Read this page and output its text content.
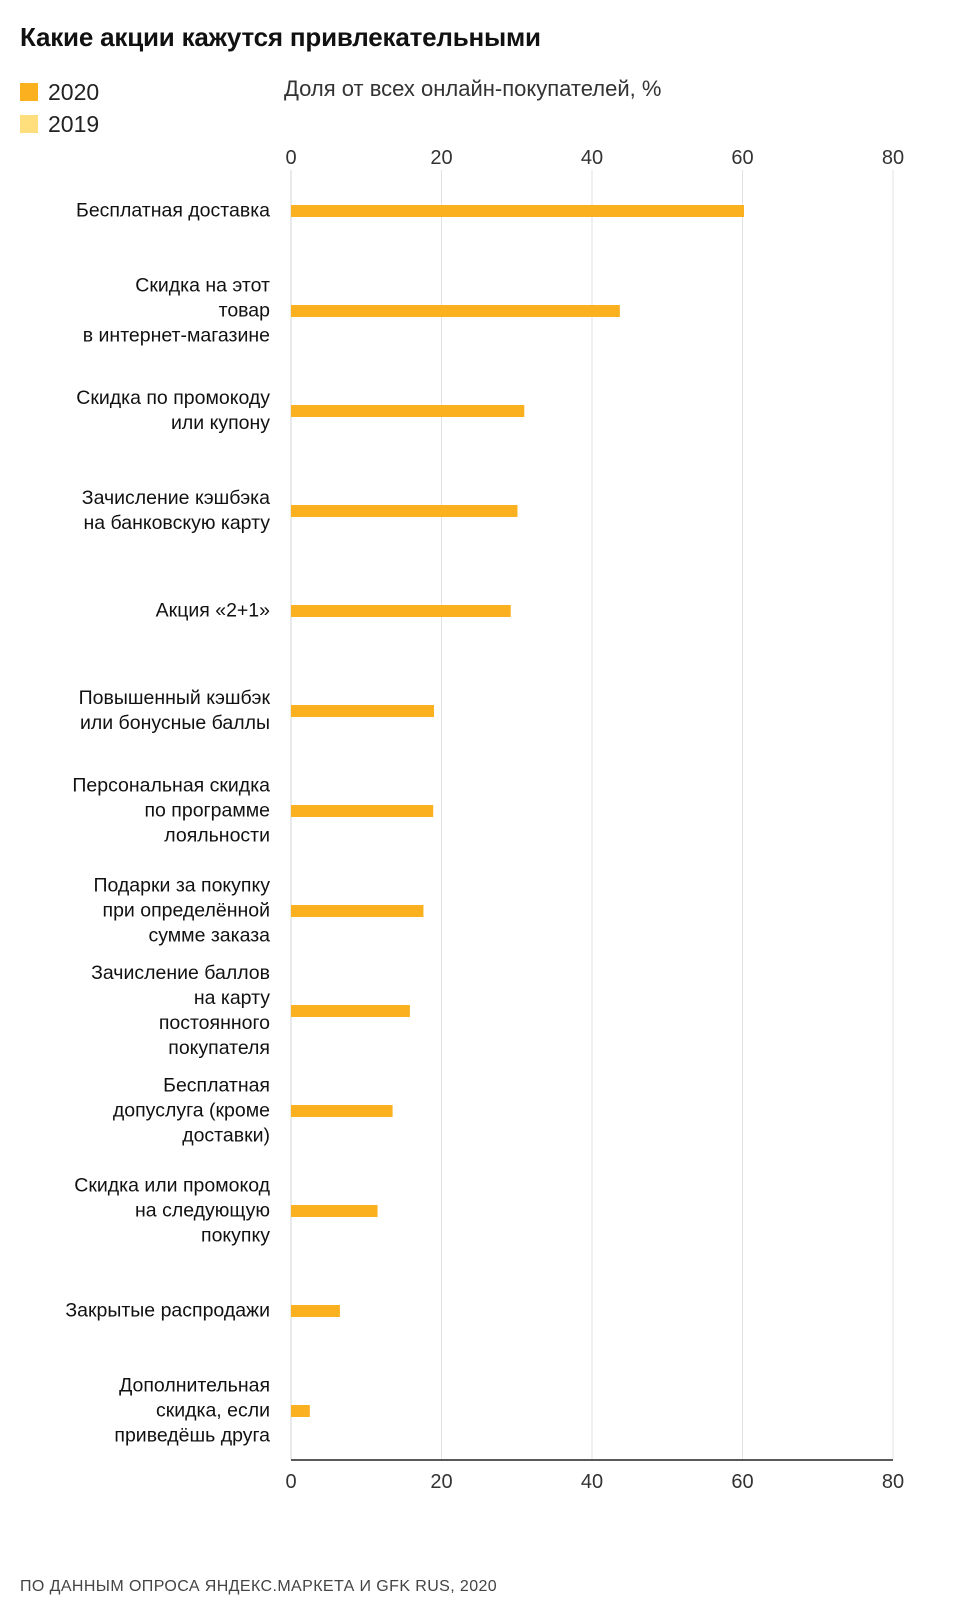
Какие акции кажутся привлекательными
2020
2019
Доля от всех онлайн-покупателей, %
Бесплатная доставка
Скидка на этот
товар
в интернет-магазине
Скидка по промокоду
или купону
Зачисление кэшбэка
на банковскую карту
Акция «2+1»
Повышенный кэшбэк
или бонусные баллы
Персональная скидка
по программе
лояльности
Подарки за покупку
при определённой
сумме заказа
Зачисление баллов
на карту
постоянного
покупателя
Бесплатная
допуслуга (кроме
доставки)
Скидка или промокод
на следующую
покупку
Закрытые распродажи
Дополнительная
скидка, если
приведёшь друга
0
0
20
20
40
40
60
60
80
80
ПО ДАННЫМ ОПРОСА ЯНДЕКС.МАРКЕТА И GFK RUS, 2020
